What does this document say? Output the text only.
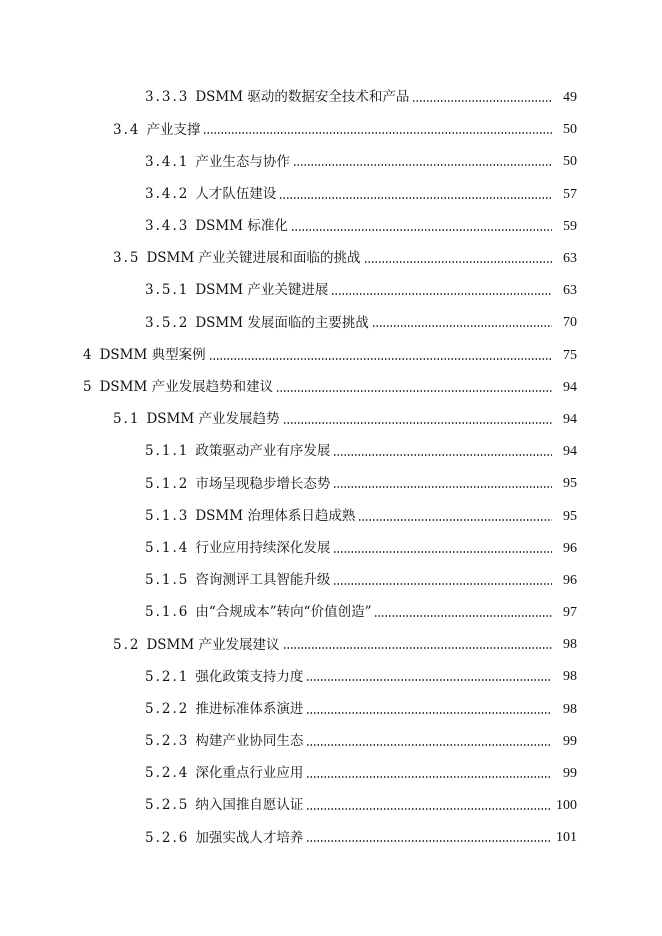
3.3.3 DSMM 驱动的数据安全技术和产品	49
3.4 产业支撑	50
3.4.1 产业生态与协作	50
3.4.2 人才队伍建设	57
3.4.3 DSMM 标准化	59
3.5 DSMM 产业关键进展和面临的挑战	63
3.5.1 DSMM 产业关键进展	63
3.5.2 DSMM 发展面临的主要挑战	70
4 DSMM 典型案例	75
5 DSMM 产业发展趋势和建议	94
5.1 DSMM 产业发展趋势	94
5.1.1 政策驱动产业有序发展	94
5.1.2 市场呈现稳步增长态势	95
5.1.3 DSMM 治理体系日趋成熟	95
5.1.4 行业应用持续深化发展	96
5.1.5 咨询测评工具智能升级	96
5.1.6 由“合规成本”转向“价值创造”	97
5.2 DSMM 产业发展建议	98
5.2.1 强化政策支持力度	98
5.2.2 推进标准体系演进	98
5.2.3 构建产业协同生态	99
5.2.4 深化重点行业应用	99
5.2.5 纳入国推自愿认证	100
5.2.6 加强实战人才培养	101
